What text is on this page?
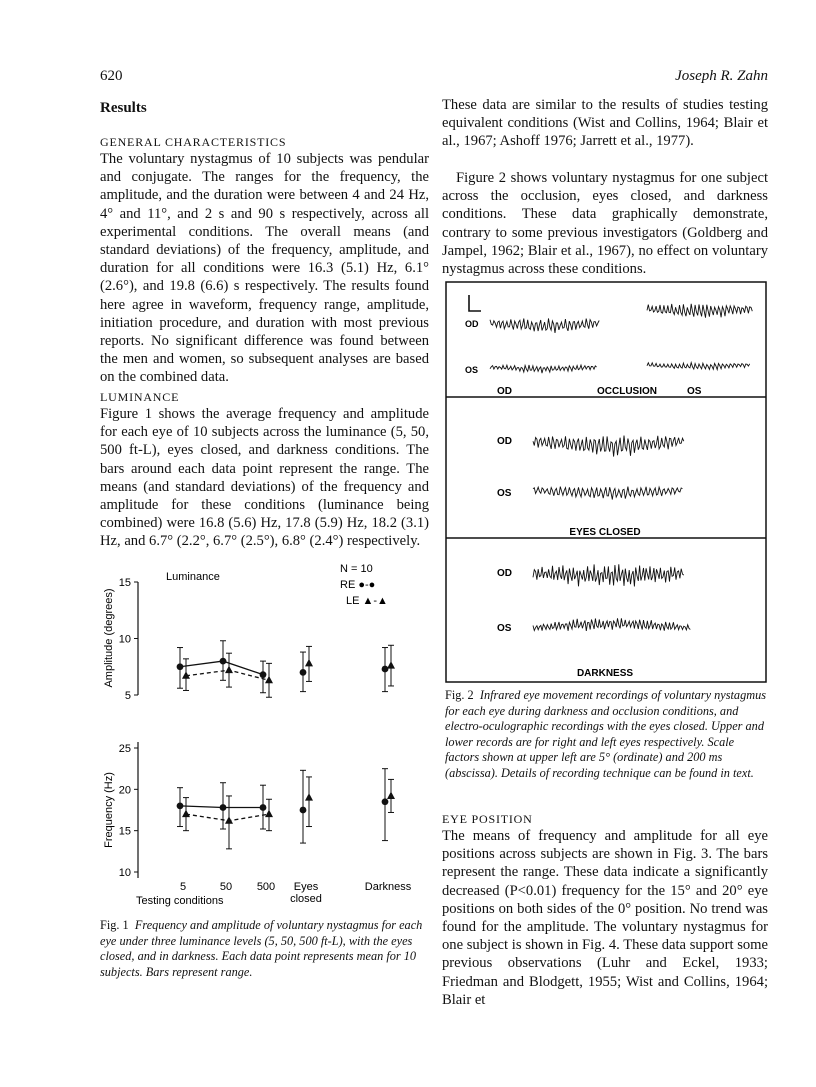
620	Joseph R. Zahn
Results
GENERAL CHARACTERISTICS

The voluntary nystagmus of 10 subjects was pendular and conjugate. The ranges for the frequency, the amplitude, and the duration were between 4 and 24 Hz, 4° and 11°, and 2 s and 90 s respectively, across all experimental conditions. The overall means (and standard deviations) of the frequency, amplitude, and duration for all conditions were 16.3 (5.1) Hz, 6.1° (2.6°), and 19.8 (6.6) s respectively. The results found here agree in waveform, frequency range, amplitude, initiation procedure, and duration with most previous reports. No significant difference was found between the men and women, so subsequent analyses are based on the combined data.

LUMINANCE

Figure 1 shows the average frequency and amplitude for each eye of 10 subjects across the luminance (5, 50, 500 ft-L), eyes closed, and darkness conditions. The bars around each data point represent the range. The means (and standard deviations) of the frequency and amplitude for these conditions (luminance being combined) were 16.8 (5.6) Hz, 17.8 (5.9) Hz, 18.2 (3.1) Hz, and 6.7° (2.2°, 6.7° (2.5°), 6.8° (2.4°) respectively.

5
10
15
Amplitude (degrees)
Luminance
N = 10
RE ●-●
LE ▲-▲
10
15
20
25
Frequency (Hz)
5	50 500 Eyes
closed
Darkness
Testing conditions
Fig. 1 Frequency and amplitude of voluntary nystagmus for each eye under three luminance levels (5, 50, 500 ft-L), with the eyes closed, and in darkness. Each data point represents mean for 10 subjects. Bars represent range.

These data are similar to the results of studies testing equivalent conditions (Wist and Collins, 1964; Blair et al., 1967; Ashoff 1976; Jarrett et al., 1977).

Figure 2 shows voluntary nystagmus for one subject across the occlusion, eyes closed, and darkness conditions. These data graphically demonstrate, contrary to some previous investigators (Goldberg and Jampel, 1962; Blair et al., 1967), no effect on voluntary nystagmus across these conditions.

OD
OS
OD	OCCLUSION	OS
OD
OS
EYES CLOSED
OD
OS
DARKNESS
Fig. 2 Infrared eye movement recordings of voluntary nystagmus for each eye during darkness and occlusion conditions, and electro-oculographic recordings with the eyes closed. Upper and lower records are for right and left eyes respectively. Scale factors shown at upper left are 5° (ordinate) and 200 ms (abscissa). Details of recording technique can be found in text.
EYE POSITION

The means of frequency and amplitude for all eye positions across subjects are shown in Fig. 3. The bars represent the range. These data indicate a significantly decreased (P<0.01) frequency for the 15° and 20° eye positions on both sides of the 0° position. No trend was found for the amplitude. The voluntary nystagmus for one subject is shown in Fig. 4. These data support some previous observations (Luhr and Eckel, 1933; Friedman and Blodgett, 1955; Wist and Collins, 1964; Blair et
